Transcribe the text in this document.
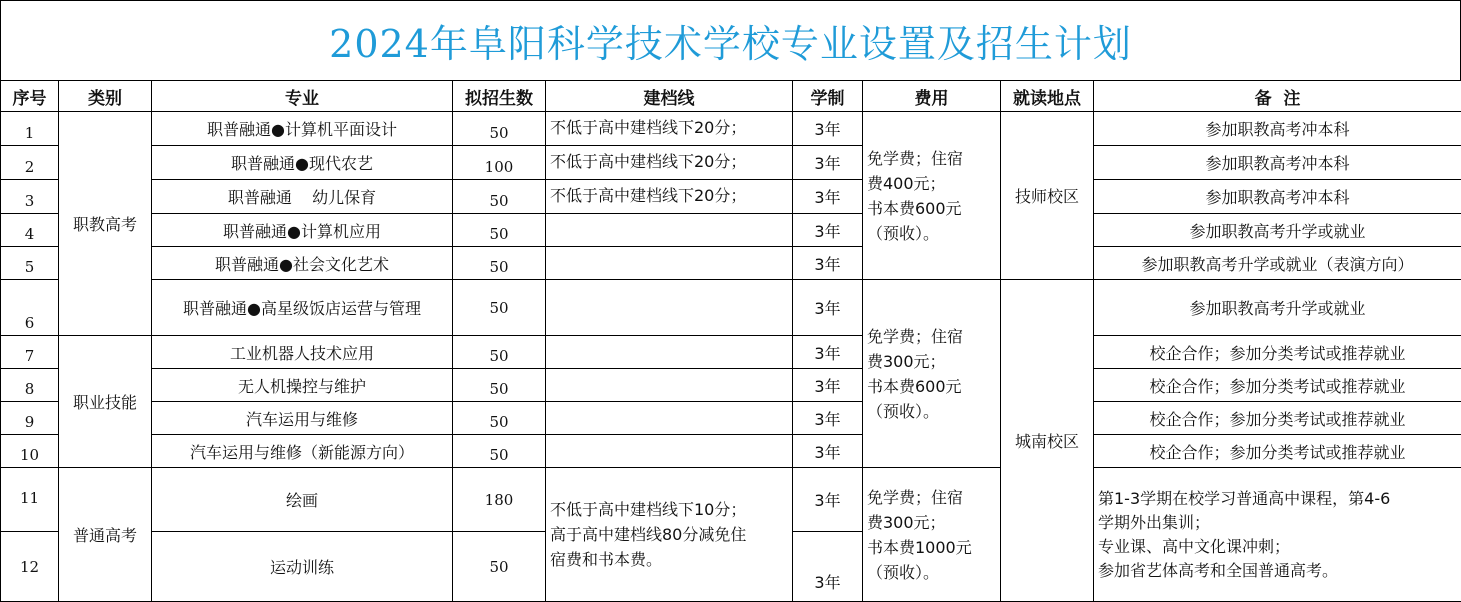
2024年阜阳科学技术学校专业设置及招生计划
序号	类别	专业	拟招生数	建档线	学制	费用	就读地点	备  注
1	职教高考	职普融通●计算机平面设计	50	不低于高中建档线下20分；	3年	免学费；住宿
费400元；
书本费600元
（预收）。	技师校区	参加职教高考冲本科
2		职普融通●现代农艺	100	不低于高中建档线下20分；	3年			参加职教高考冲本科
3		职普融通    幼儿保育	50	不低于高中建档线下20分；	3年			参加职教高考冲本科
4		职普融通●计算机应用	50		3年			参加职教高考升学或就业
5		职普融通●社会文化艺术	50		3年			参加职教高考升学或就业（表演方向）
6		职普融通●高星级饭店运营与管理	50		3年	免学费；住宿
费300元；
书本费600元
（预收）。	城南校区	参加职教高考升学或就业
7	职业技能	工业机器人技术应用	50		3年			校企合作；参加分类考试或推荐就业
8		无人机操控与维护	50		3年			校企合作；参加分类考试或推荐就业
9		汽车运用与维修	50		3年			校企合作；参加分类考试或推荐就业
10		汽车运用与维修（新能源方向）	50		3年			校企合作；参加分类考试或推荐就业
11	普通高考	绘画	180	不低于高中建档线下10分；
高于高中建档线80分减免住
宿费和书本费。	3年	免学费；住宿
费300元；
书本费1000元
（预收）。		第1-3学期在校学习普通高中课程，第4-6
学期外出集训；
专业课、高中文化课冲刺；
参加省艺体高考和全国普通高考。

12		运动训练	50		3年			
